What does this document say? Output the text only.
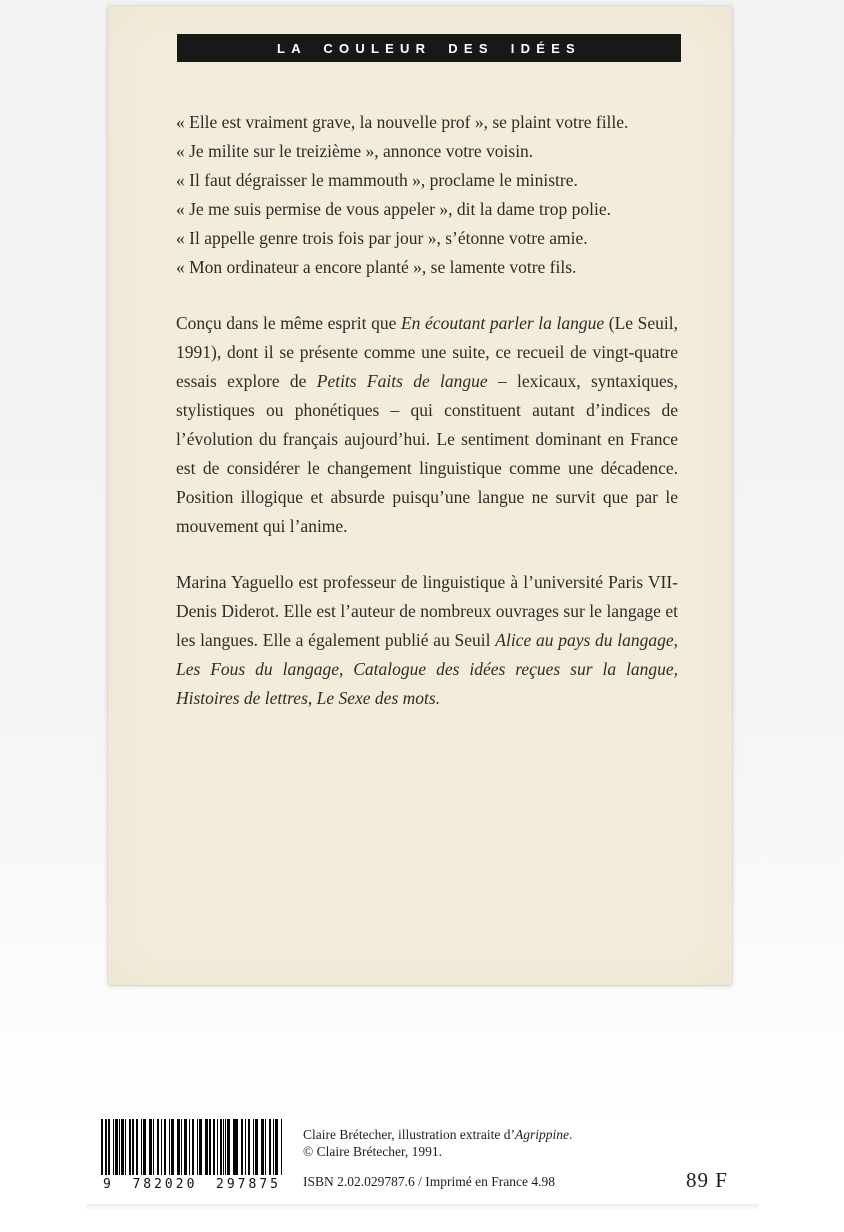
LA COULEUR DES IDÉES

« Elle est vraiment grave, la nouvelle prof », se plaint votre fille.

« Je milite sur le treizième », annonce votre voisin.

« Il faut dégraisser le mammouth », proclame le ministre.

« Je me suis permise de vous appeler », dit la dame trop polie.

« Il appelle genre trois fois par jour », s’étonne votre amie.

« Mon ordinateur a encore planté », se lamente votre fils.

Conçu dans le même esprit que En écoutant parler la langue (Le Seuil, 1991), dont il se présente comme une suite, ce recueil de vingt-quatre essais explore de Petits Faits de langue – lexicaux, syntaxiques, stylistiques ou phonétiques – qui constituent autant d’indices de l’évolution du français aujourd’hui. Le sentiment dominant en France est de considérer le changement linguistique comme une décadence. Position illogique et absurde puisqu’une langue ne survit que par le mouvement qui l’anime.

Marina Yaguello est professeur de linguistique à l’université Paris VII-Denis Diderot. Elle est l’auteur de nombreux ouvrages sur le langage et les langues. Elle a également publié au Seuil Alice au pays du langage, Les Fous du langage, Catalogue des idées reçues sur la langue, Histoires de lettres, Le Sexe des mots.

9 782020 297875

Claire Brétecher, illustration extraite d’Agrippine.

© Claire Brétecher, 1991.

ISBN 2.02.029787.6 / Imprimé en France 4.98	89 F
